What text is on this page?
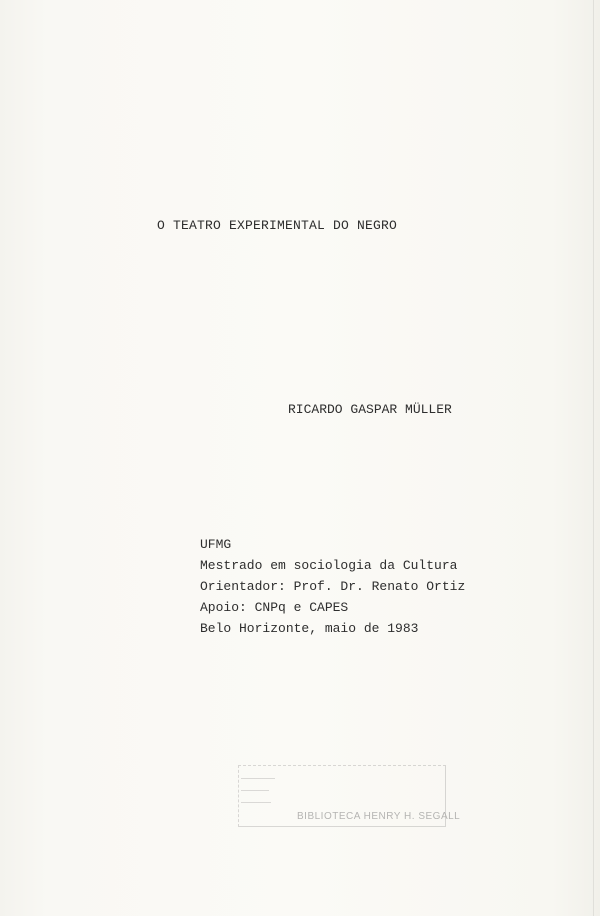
O TEATRO EXPERIMENTAL DO NEGRO
RICARDO GASPAR MÜLLER
UFMG
Mestrado em sociologia da Cultura
Orientador: Prof. Dr. Renato Ortiz
Apoio: CNPq e CAPES
Belo Horizonte, maio de 1983
BIBLIOTECA HENRY H. SEGALL
